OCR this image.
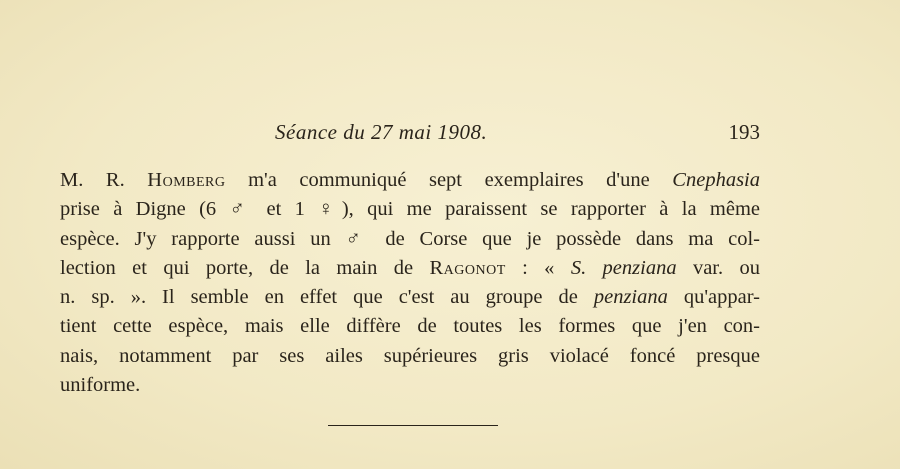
Séance du 27 mai 1908.	193
M. R. Homberg m'a communiqué sept exemplaires d'une Cnephasia
prise à Digne (6 ♂ et 1 ♀), qui me paraissent se rapporter à la même
espèce. J'y rapporte aussi un ♂ de Corse que je possède dans ma col-
lection et qui porte, de la main de Ragonot : « S. penziana var. ou
n. sp. ». Il semble en effet que c'est au groupe de penziana qu'appar-
tient cette espèce, mais elle diffère de toutes les formes que j'en con-
nais, notamment par ses ailes supérieures gris violacé foncé presque
uniforme.
